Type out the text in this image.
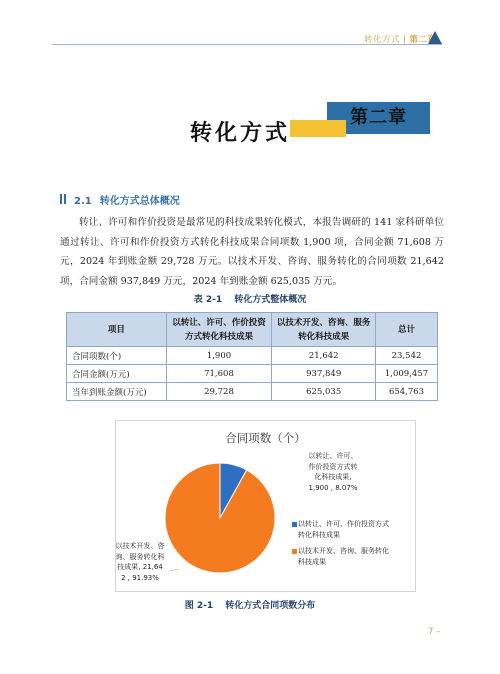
转化方式 | 第二章
第二章
转化方式
2.1 转化方式总体概况

转让、许可和作价投资是最常见的科技成果转化模式，本报告调研的 141 家科研单位通过转让、许可和作价投资方式转化科技成果合同项数 1,900 项，合同金额 71,608 万元，2024 年到账金额 29,728 万元。以技术开发、咨询、服务转化的合同项数 21,642 项，合同金额 937,849 万元，2024 年到账金额 625,035 万元。

表 2-1 转化方式整体概况
项目	以转让、许可、作价投资方式转化科技成果	以技术开发、咨询、服务转化科技成果	总计
合同项数(个)	1,900	21,642	23,542
合同金额(万元)	71,608	937,849	1,009,457
当年到账金额(万元)	29,728	625,035	654,763
合同项数（个）
以转让、许可、
作价投资方式转
化科技成果,
1,900 , 8.07%
以技术开发、咨
询、服务转化科
技成果, 21,64
2 , 91.93%
以转让、许可、作价投资方式
转化科技成果
以技术开发、咨询、服务转化
科技成果
图 2-1 转化方式合同项数分布
7 –
